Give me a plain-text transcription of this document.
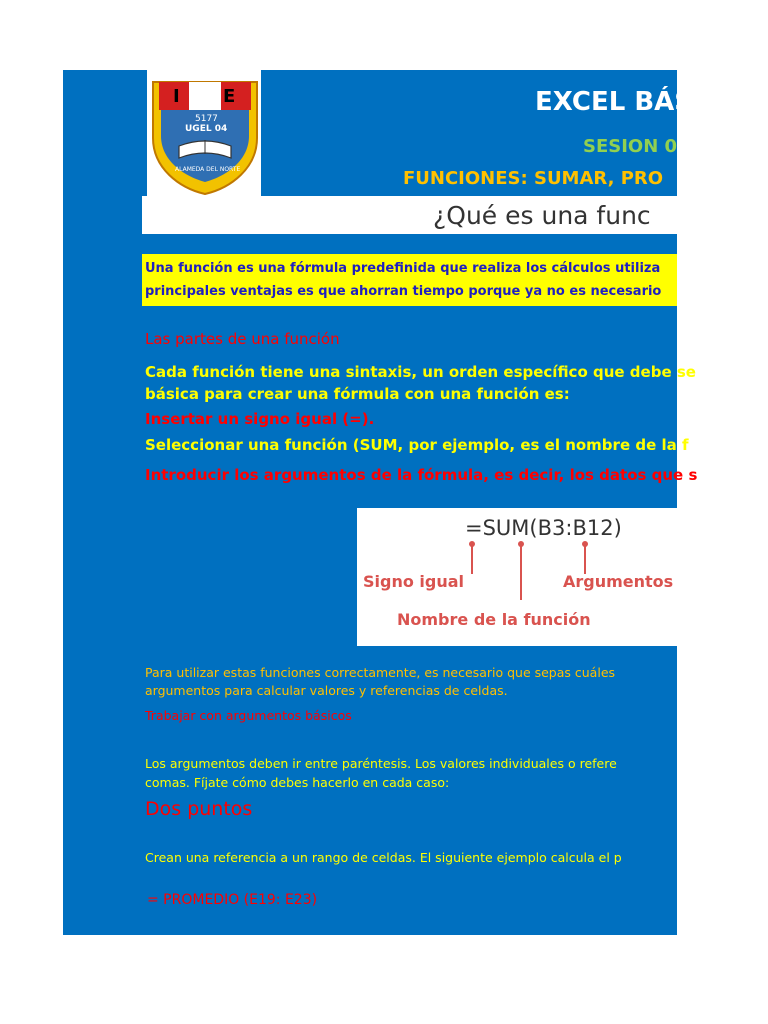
I E
5177
UGEL 04
ALAMEDA DEL NORTE
EXCEL BÁS
SESION 0
FUNCIONES: SUMAR, PRO
¿Qué es una func
Una función es una fórmula predefinida que realiza los cálculos utiliza
principales ventajas es que ahorran tiempo porque ya no es necesario
Las partes de una función
Cada función tiene una sintaxis, un orden específico que debe se
básica para crear una fórmula con una función es:
Insertar un signo igual (=).
Seleccionar una función (SUM, por ejemplo, es el nombre de la f
Introducir los argumentos de la fórmula, es decir, los datos que s
=SUM(B3:B12)
Signo igual	Argumentos
Nombre de la función
Para utilizar estas funciones correctamente, es necesario que sepas cuáles
argumentos para calcular valores y referencias de celdas.
Trabajar con argumentos básicos
Los argumentos deben ir entre paréntesis. Los valores individuales o refere
comas. Fíjate cómo debes hacerlo en cada caso:
Dos puntos
Crean una referencia a un rango de celdas. El siguiente ejemplo calcula el p
= PROMEDIO (E19: E23)
